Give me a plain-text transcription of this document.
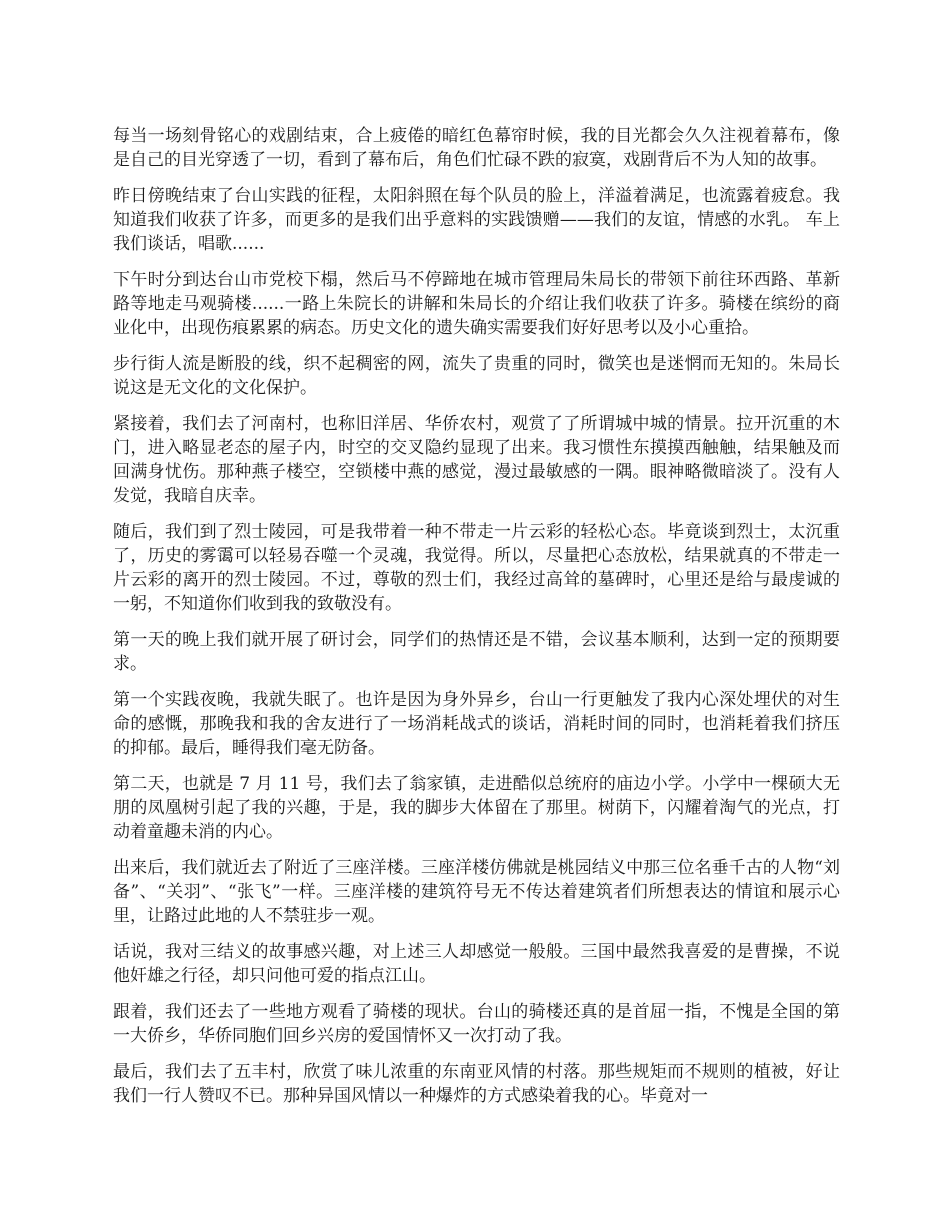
每当一场刻骨铭心的戏剧结束，合上疲倦的暗红色幕帘时候，我的目光都会久久注视着幕布，像是自己的目光穿透了一切，看到了幕布后，角色们忙碌不跌的寂寞，戏剧背后不为人知的故事。

昨日傍晚结束了台山实践的征程，太阳斜照在每个队员的脸上，洋溢着满足，也流露着疲怠。我知道我们收获了许多，而更多的是我们出乎意料的实践馈赠——我们的友谊，情感的水乳。 车上我们谈话，唱歌......

下午时分到达台山市党校下榻，然后马不停蹄地在城市管理局朱局长的带领下前往环西路、革新路等地走马观骑楼......一路上朱院长的讲解和朱局长的介绍让我们收获了许多。骑楼在缤纷的商业化中，出现伤痕累累的病态。历史文化的遗失确实需要我们好好思考以及小心重拾。

步行街人流是断股的线，织不起稠密的网，流失了贵重的同时，微笑也是迷惘而无知的。朱局长说这是无文化的文化保护。

紧接着，我们去了河南村，也称旧洋居、华侨农村，观赏了了所谓城中城的情景。拉开沉重的木门，进入略显老态的屋子内，时空的交叉隐约显现了出来。我习惯性东摸摸西触触，结果触及而回满身忧伤。那种燕子楼空，空锁楼中燕的感觉，漫过最敏感的一隅。眼神略微暗淡了。没有人发觉，我暗自庆幸。

随后，我们到了烈士陵园，可是我带着一种不带走一片云彩的轻松心态。毕竟谈到烈士，太沉重了，历史的雾霭可以轻易吞噬一个灵魂，我觉得。所以，尽量把心态放松，结果就真的不带走一片云彩的离开的烈士陵园。不过，尊敬的烈士们，我经过高耸的墓碑时，心里还是给与最虔诚的一躬，不知道你们收到我的致敬没有。

第一天的晚上我们就开展了研讨会，同学们的热情还是不错，会议基本顺利，达到一定的预期要求。

第一个实践夜晚，我就失眠了。也许是因为身外异乡，台山一行更触发了我内心深处埋伏的对生命的感慨，那晚我和我的舍友进行了一场消耗战式的谈话，消耗时间的同时，也消耗着我们挤压的抑郁。最后，睡得我们毫无防备。

第二天，也就是 7 月 11 号，我们去了翁家镇，走进酷似总统府的庙边小学。小学中一棵硕大无朋的凤凰树引起了我的兴趣，于是，我的脚步大体留在了那里。树荫下，闪耀着淘气的光点，打动着童趣未消的内心。

出来后，我们就近去了附近了三座洋楼。三座洋楼仿佛就是桃园结义中那三位名垂千古的人物“刘备”、“关羽”、“张飞”一样。三座洋楼的建筑符号无不传达着建筑者们所想表达的情谊和展示心里，让路过此地的人不禁驻步一观。

话说，我对三结义的故事感兴趣，对上述三人却感觉一般般。三国中最然我喜爱的是曹操，不说他奸雄之行径，却只问他可爱的指点江山。

跟着，我们还去了一些地方观看了骑楼的现状。台山的骑楼还真的是首屈一指，不愧是全国的第一大侨乡，华侨同胞们回乡兴房的爱国情怀又一次打动了我。

最后，我们去了五丰村，欣赏了味儿浓重的东南亚风情的村落。那些规矩而不规则的植被，好让我们一行人赞叹不已。那种异国风情以一种爆炸的方式感染着我的心。毕竟对一
